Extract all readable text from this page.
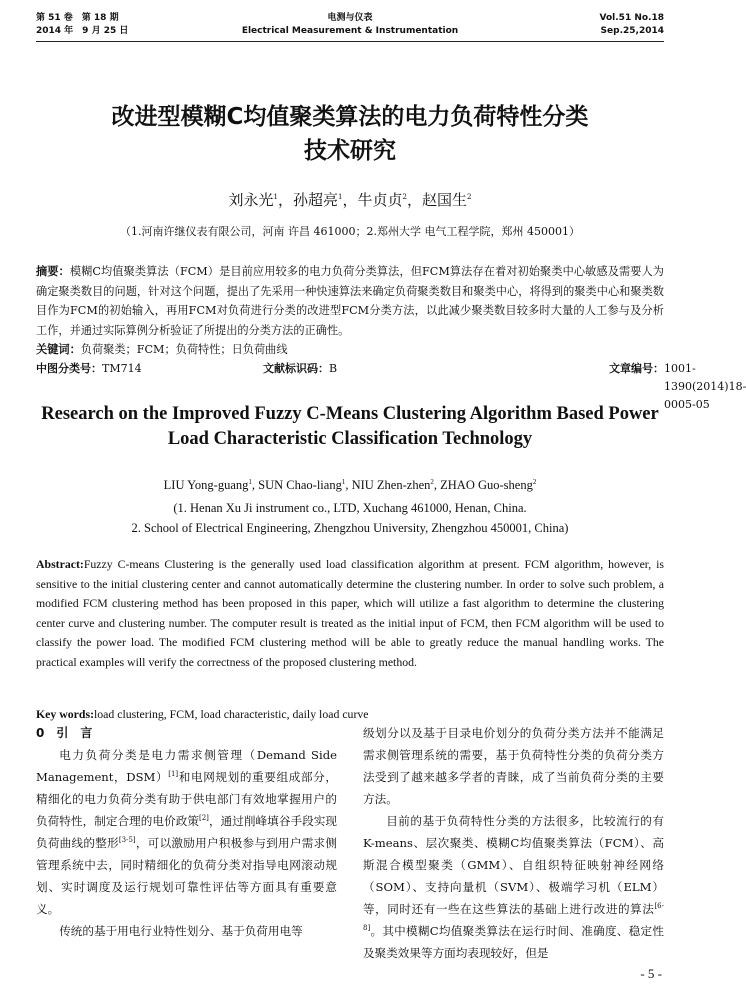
第 51 卷　第 18 期
2014 年　9 月 25 日
电测与仪表
Electrical Measurement & Instrumentation
Vol.51 No.18
Sep.25,2014
改进型模糊C均值聚类算法的电力负荷特性分类
技术研究
刘永光$^1$，孙超亮$^1$，牛贞贞$^2$，赵国生$^2$
（1.河南许继仪表有限公司，河南 许昌 461000；2.郑州大学 电气工程学院，郑州 450001）
摘要：模糊C均值聚类算法（FCM）是目前应用较多的电力负荷分类算法，但FCM算法存在着对初始聚类中心敏感及需要人为确定聚类数目的问题，针对这个问题，提出了先采用一种快速算法来确定负荷聚类数目和聚类中心，将得到的聚类中心和聚类数目作为FCM的初始输入，再用FCM对负荷进行分类的改进型FCM分类方法，以此减少聚类数目较多时大量的人工参与及分析工作，并通过实际算例分析验证了所提出的分类方法的正确性。
关键词：负荷聚类；FCM；负荷特性；日负荷曲线
中图分类号： TM714	文献标识码： B	文章编号： 1001-1390(2014)18-0005-05
Research on the Improved Fuzzy C-Means Clustering Algorithm Based Power
Load Characteristic Classification Technology
LIU Yong-guang$^1$, SUN Chao-liang$^1$, NIU Zhen-zhen$^2$, ZHAO Guo-sheng$^2$
(1. Henan Xu Ji instrument co., LTD, Xuchang 461000, Henan, China.
2. School of Electrical Engineering, Zhengzhou University, Zhengzhou 450001, China)
Abstract:Fuzzy C-means Clustering is the generally used load classification algorithm at present. FCM algorithm, however, is sensitive to the initial clustering center and cannot automatically determine the clustering number. In order to solve such problem, a modified FCM clustering method has been proposed in this paper, which will utilize a fast algorithm to determine the clustering center curve and clustering number. The computer result is treated as the initial input of FCM, then FCM algorithm will be used to classify the power load. The modified FCM clustering method will be able to greatly reduce the manual handling works. The practical examples will verify the correctness of the proposed clustering method.
Key words:load clustering, FCM, load characteristic, daily load curve
0　引　言

电力负荷分类是电力需求侧管理（Demand Side Management，DSM）[1]和电网规划的重要组成部分，精细化的电力负荷分类有助于供电部门有效地掌握用户的负荷特性，制定合理的电价政策[2]，通过削峰填谷手段实现负荷曲线的整形[3-5]，可以激励用户积极参与到用户需求侧管理系统中去，同时精细化的负荷分类对指导电网滚动规划、实时调度及运行规划可靠性评估等方面具有重要意义。

传统的基于用电行业特性划分、基于负荷用电等

级划分以及基于目录电价划分的负荷分类方法并不能满足需求侧管理系统的需要，基于负荷特性分类的负荷分类方法受到了越来越多学者的青睐，成了当前负荷分类的主要方法。

目前的基于负荷特性分类的方法很多，比较流行的有K-means、层次聚类、模糊C均值聚类算法（FCM）、高斯混合模型聚类（GMM）、自组织特征映射神经网络（SOM）、支持向量机（SVM）、极端学习机（ELM）等，同时还有一些在这些算法的基础上进行改进的算法[6-8]。其中模糊C均值聚类算法在运行时间、准确度、稳定性及聚类效果等方面均表现较好，但是

- 5 -
